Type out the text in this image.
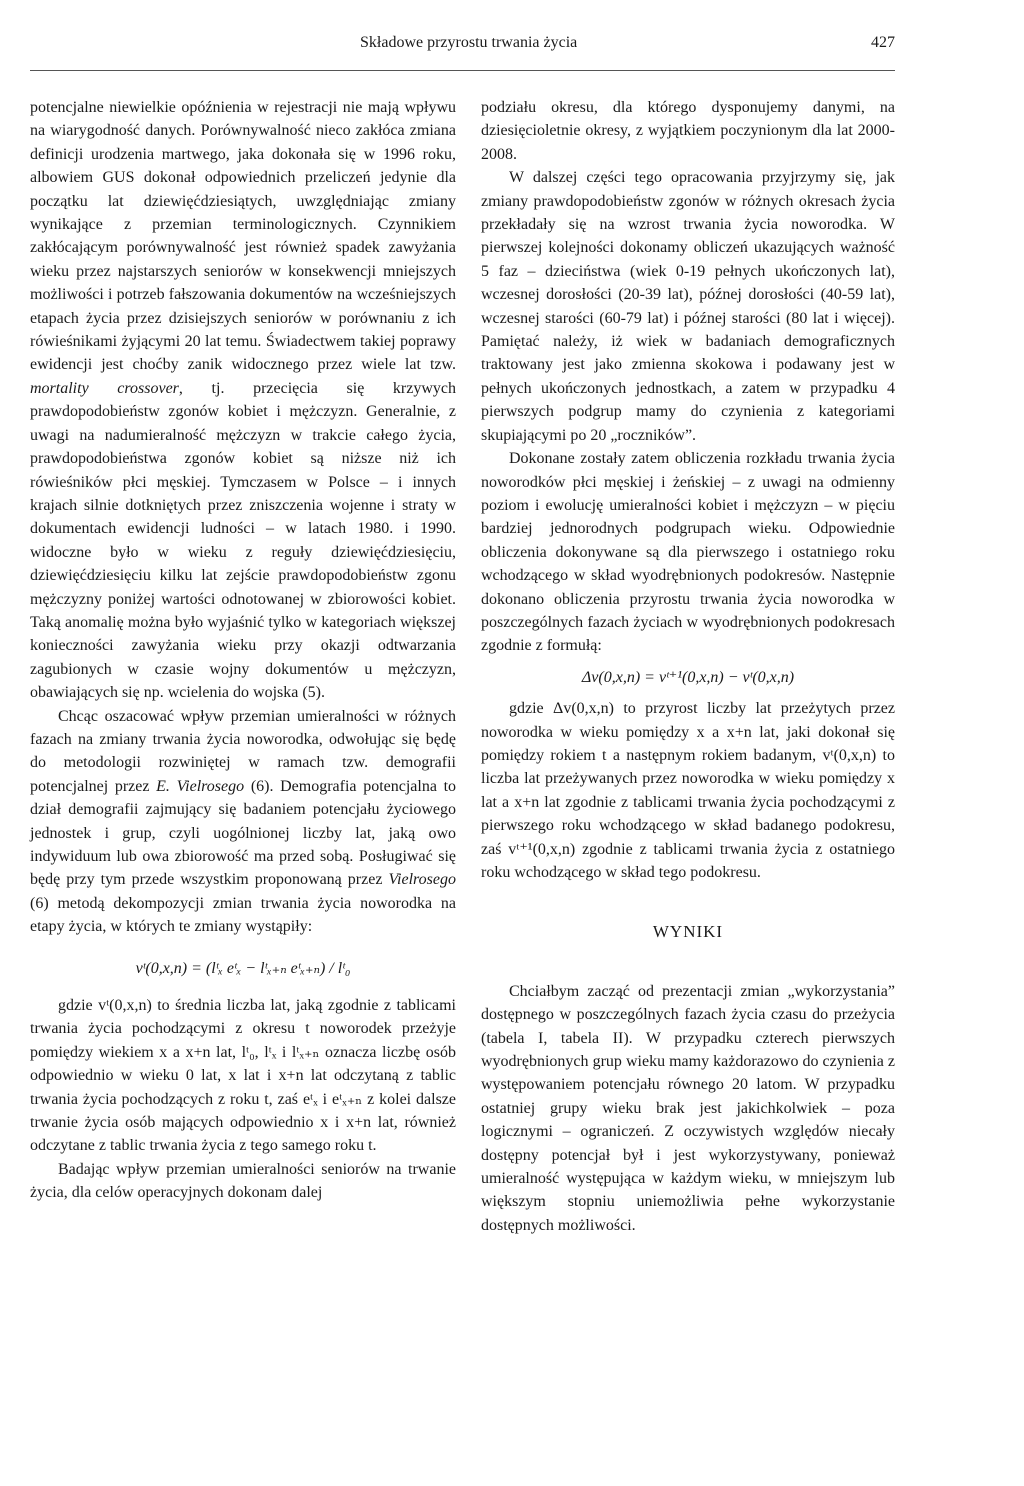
Składowe przyrostu trwania życia	427

potencjalne niewielkie opóźnienia w rejestracji nie mają wpływu na wiarygodność danych. Porównywalność nieco zakłóca zmiana definicji urodzenia martwego, jaka dokonała się w 1996 roku, albowiem GUS dokonał odpowiednich przeliczeń jedynie dla początku lat dziewięćdziesiątych, uwzględniając zmiany wynikające z przemian terminologicznych. Czynnikiem zakłócającym porównywalność jest również spadek zawyżania wieku przez najstarszych seniorów w konsekwencji mniejszych możliwości i potrzeb fałszowania dokumentów na wcześniejszych etapach życia przez dzisiejszych seniorów w porównaniu z ich rówieśnikami żyjącymi 20 lat temu. Świadectwem takiej poprawy ewidencji jest choćby zanik widocznego przez wiele lat tzw. mortality crossover, tj. przecięcia się krzywych prawdopodobieństw zgonów kobiet i mężczyzn. Generalnie, z uwagi na nadumieralność mężczyzn w trakcie całego życia, prawdopodobieństwa zgonów kobiet są niższe niż ich rówieśników płci męskiej. Tymczasem w Polsce – i innych krajach silnie dotkniętych przez zniszczenia wojenne i straty w dokumentach ewidencji ludności – w latach 1980. i 1990. widoczne było w wieku z reguły dziewięćdziesięciu, dziewięćdziesięciu kilku lat zejście prawdopodobieństw zgonu mężczyzny poniżej wartości odnotowanej w zbiorowości kobiet. Taką anomalię można było wyjaśnić tylko w kategoriach większej konieczności zawyżania wieku przy okazji odtwarzania zagubionych w czasie wojny dokumentów u mężczyzn, obawiających się np. wcielenia do wojska (5).

Chcąc oszacować wpływ przemian umieralności w różnych fazach na zmiany trwania życia noworodka, odwołując się będę do metodologii rozwiniętej w ramach tzw. demografii potencjalnej przez E. Vielrosego (6). Demografia potencjalna to dział demografii zajmujący się badaniem potencjału życiowego jednostek i grup, czyli uogólnionej liczby lat, jaką owo indywiduum lub owa zbiorowość ma przed sobą. Posługiwać się będę przy tym przede wszystkim proponowaną przez Vielrosego (6) metodą dekompozycji zmian trwania życia noworodka na etapy życia, w których te zmiany wystąpiły:

vᵗ(0,x,n) = (lᵗₓ eᵗₓ − lᵗₓ₊ₙ eᵗₓ₊ₙ) / lᵗ₀

gdzie vᵗ(0,x,n) to średnia liczba lat, jaką zgodnie z tablicami trwania życia pochodzącymi z okresu t noworodek przeżyje pomiędzy wiekiem x a x+n lat, lᵗ₀, lᵗₓ i lᵗₓ₊ₙ oznacza liczbę osób odpowiednio w wieku 0 lat, x lat i x+n lat odczytaną z tablic trwania życia pochodzących z roku t, zaś eᵗₓ i eᵗₓ₊ₙ z kolei dalsze trwanie życia osób mających odpowiednio x i x+n lat, również odczytane z tablic trwania życia z tego samego roku t.

Badając wpływ przemian umieralności seniorów na trwanie życia, dla celów operacyjnych dokonam dalej

podziału okresu, dla którego dysponujemy danymi, na dziesięcioletnie okresy, z wyjątkiem poczynionym dla lat 2000-2008.

W dalszej części tego opracowania przyjrzymy się, jak zmiany prawdopodobieństw zgonów w różnych okresach życia przekładały się na wzrost trwania życia noworodka. W pierwszej kolejności dokonamy obliczeń ukazujących ważność 5 faz – dzieciństwa (wiek 0-19 pełnych ukończonych lat), wczesnej dorosłości (20-39 lat), późnej dorosłości (40-59 lat), wczesnej starości (60-79 lat) i późnej starości (80 lat i więcej). Pamiętać należy, iż wiek w badaniach demograficznych traktowany jest jako zmienna skokowa i podawany jest w pełnych ukończonych jednostkach, a zatem w przypadku 4 pierwszych podgrup mamy do czynienia z kategoriami skupiającymi po 20 „roczników”.

Dokonane zostały zatem obliczenia rozkładu trwania życia noworodków płci męskiej i żeńskiej – z uwagi na odmienny poziom i ewolucję umieralności kobiet i mężczyzn – w pięciu bardziej jednorodnych podgrupach wieku. Odpowiednie obliczenia dokonywane są dla pierwszego i ostatniego roku wchodzącego w skład wyodrębnionych podokresów. Następnie dokonano obliczenia przyrostu trwania życia noworodka w poszczególnych fazach życiach w wyodrębnionych podokresach zgodnie z formułą:

Δv(0,x,n) = vᵗ⁺¹(0,x,n) − vᵗ(0,x,n)

gdzie Δv(0,x,n) to przyrost liczby lat przeżytych przez noworodka w wieku pomiędzy x a x+n lat, jaki dokonał się pomiędzy rokiem t a następnym rokiem badanym, vᵗ(0,x,n) to liczba lat przeżywanych przez noworodka w wieku pomiędzy x lat a x+n lat zgodnie z tablicami trwania życia pochodzącymi z pierwszego roku wchodzącego w skład badanego podokresu, zaś vᵗ⁺¹(0,x,n) zgodnie z tablicami trwania życia z ostatniego roku wchodzącego w skład tego podokresu.

WYNIKI

Chciałbym zacząć od prezentacji zmian „wykorzystania” dostępnego w poszczególnych fazach życia czasu do przeżycia (tabela I, tabela II). W przypadku czterech pierwszych wyodrębnionych grup wieku mamy każdorazowo do czynienia z występowaniem potencjału równego 20 latom. W przypadku ostatniej grupy wieku brak jest jakichkolwiek – poza logicznymi – ograniczeń. Z oczywistych względów niecały dostępny potencjał był i jest wykorzystywany, ponieważ umieralność występująca w każdym wieku, w mniejszym lub większym stopniu uniemożliwia pełne wykorzystanie dostępnych możliwości.
